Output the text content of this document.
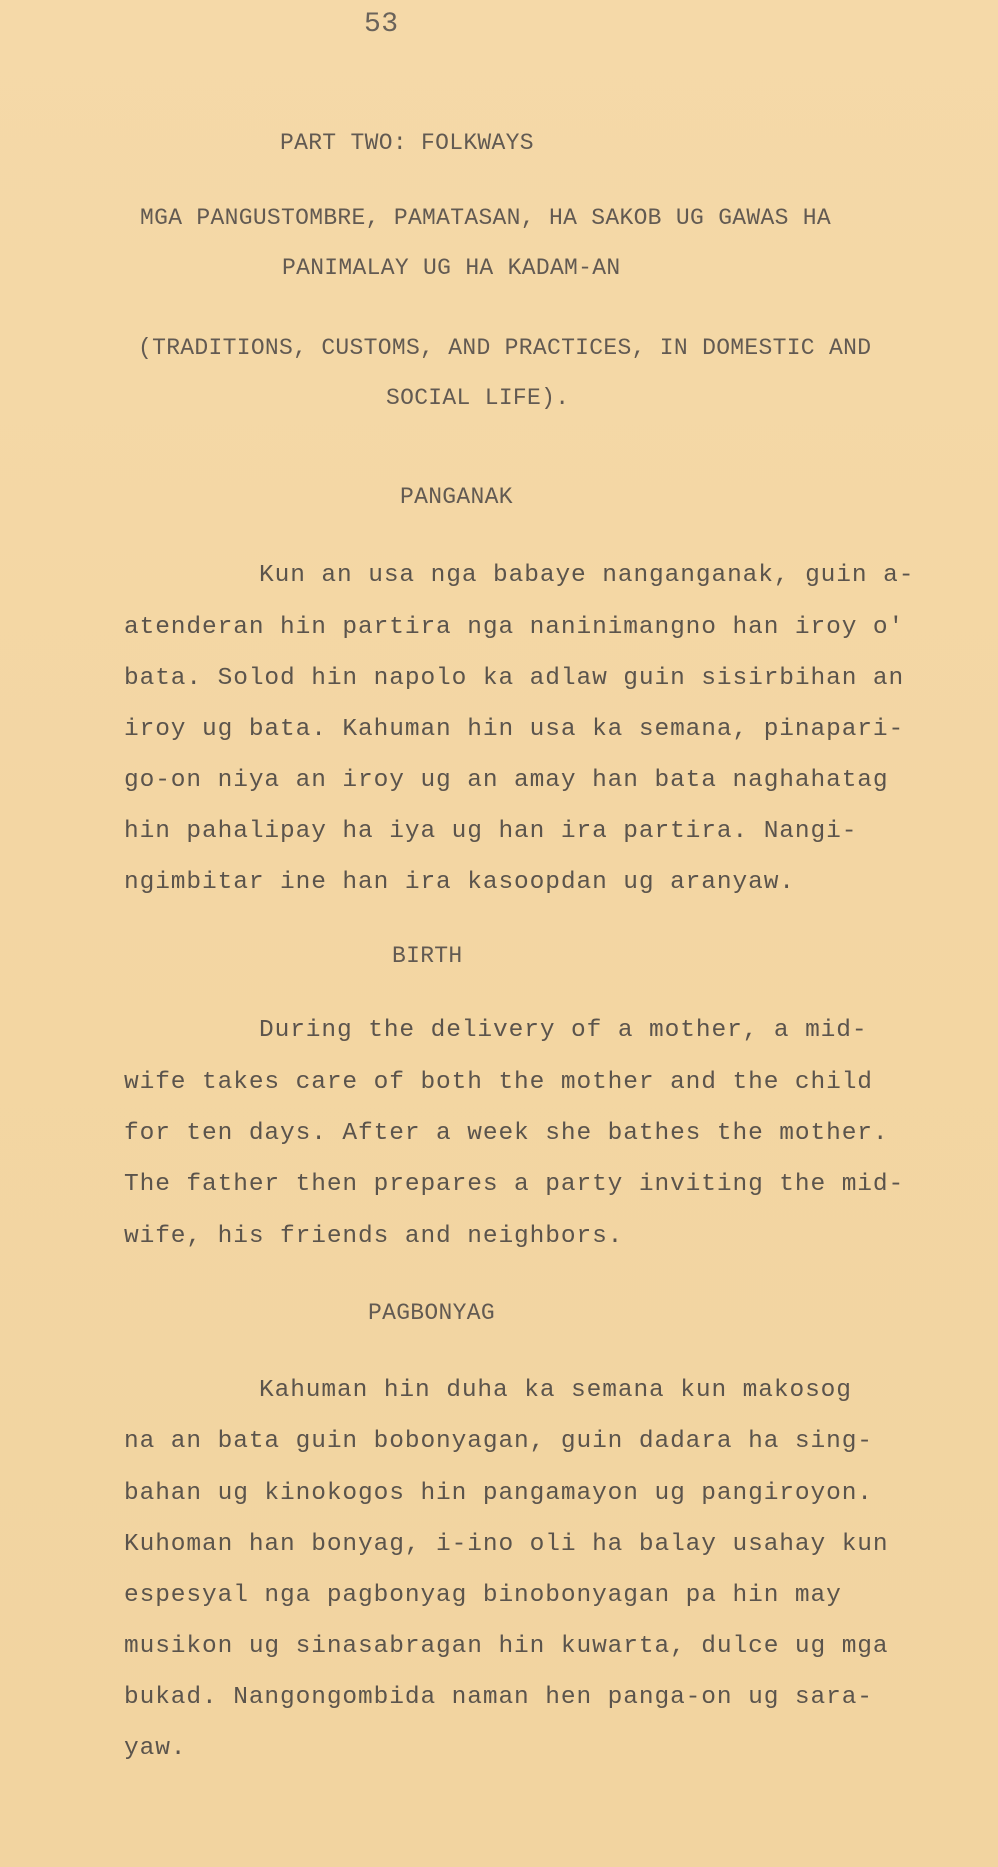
53
PART TWO: FOLKWAYS
MGA PANGUSTOMBRE, PAMATASAN, HA SAKOB UG GAWAS HA
PANIMALAY UG HA KADAM-AN
(TRADITIONS, CUSTOMS, AND PRACTICES, IN DOMESTIC AND
SOCIAL LIFE).
PANGANAK
Kun an usa nga babaye nanganganak, guin a-
atenderan hin partira nga naninimangno han iroy o'
bata. Solod hin napolo ka adlaw guin sisirbihan an
iroy ug bata. Kahuman hin usa ka semana, pinapari-
go-on niya an iroy ug an amay han bata naghahatag
hin pahalipay ha iya ug han ira partira. Nangi-
ngimbitar ine han ira kasoopdan ug aranyaw.
BIRTH
During the delivery of a mother, a mid-
wife takes care of both the mother and the child
for ten days. After a week she bathes the mother.
The father then prepares a party inviting the mid-
wife, his friends and neighbors.
PAGBONYAG
Kahuman hin duha ka semana kun makosog
na an bata guin bobonyagan, guin dadara ha sing-
bahan ug kinokogos hin pangamayon ug pangiroyon.
Kuhoman han bonyag, i-ino oli ha balay usahay kun
espesyal nga pagbonyag binobonyagan pa hin may
musikon ug sinasabragan hin kuwarta, dulce ug mga
bukad. Nangongombida naman hen panga-on ug sara-
yaw.
